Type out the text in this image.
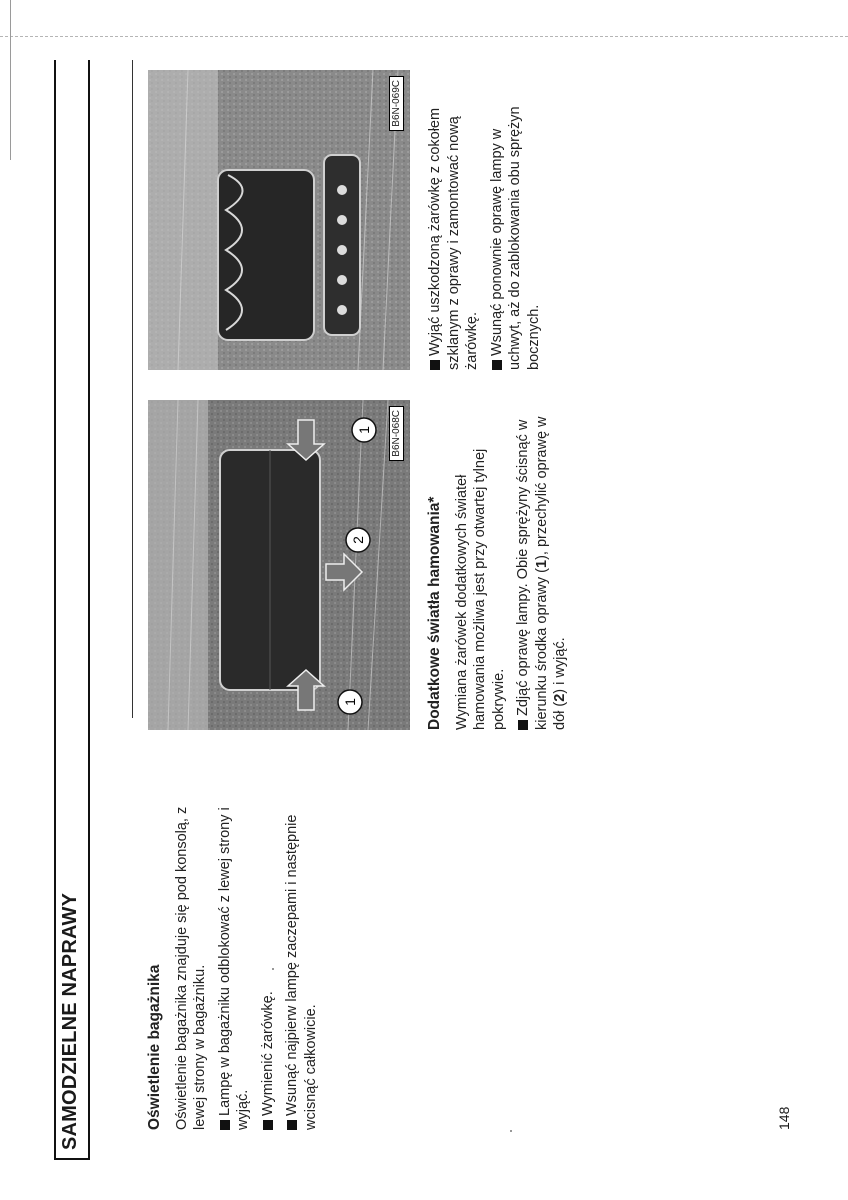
SAMODZIELNE NAPRAWY	Oświetlenie bagażnika Oświetlenie bagażnika znajduje się pod konsolą, z lewej strony w bagażniku. Lampę w bagażniku odblokować z lewej strony i wyjąć. Wymienić żarówkę. Wsunąć najpierw lampę zaczepami i następnie wcisnąć całkowicie.

1
1
2
B6N-068C
B6N-069C
Dodatkowe światła hamowania* Wymiana żarówek dodatkowych świateł hamowania możliwa jest przy otwartej tylnej pokrywie. Zdjąć oprawę lampy. Obie sprężyny ścisnąć w kierunku środka oprawy (1), przechylić oprawę w dół (2) i wyjąć.

Wyjąć uszkodzoną żarówkę z cokołem szklanym z oprawy i zamontować nową żarówkę. Wsunąć ponownie oprawę lampy w uchwyt, aż do zablokowania obu sprężyn bocznych.

148
